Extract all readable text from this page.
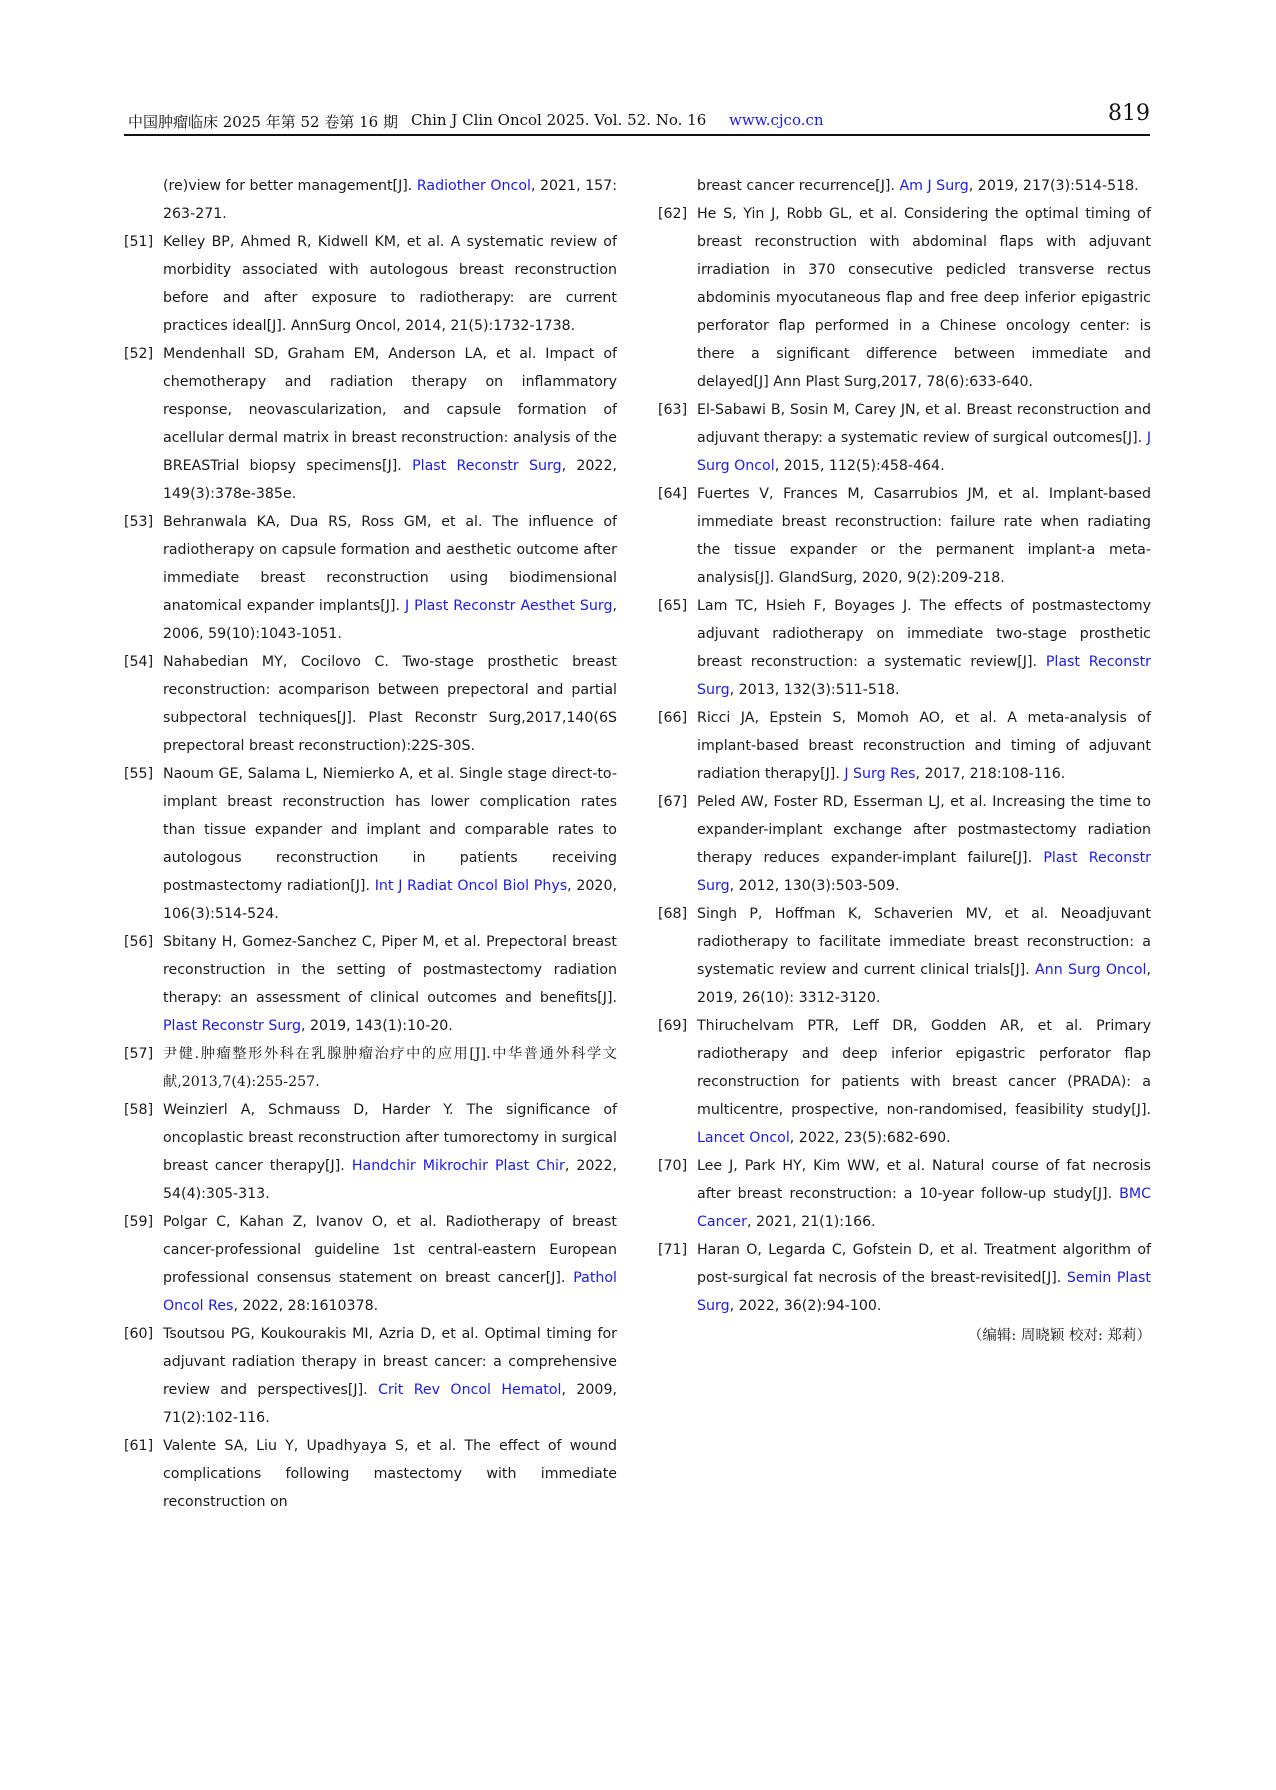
中国肿瘤临床 2025 年第 52 卷第 16 期 Chin J Clin Oncol 2025. Vol. 52. No. 16 www.cjco.cn	819
(re)view for better management[J]. Radiother Oncol, 2021, 157: 263-271.
[51] Kelley BP, Ahmed R, Kidwell KM, et al. A systematic review of morbidity associated with autologous breast reconstruction before and after exposure to radiotherapy: are current practices ideal[J]. AnnSurg Oncol, 2014, 21(5):1732-1738.
[52] Mendenhall SD, Graham EM, Anderson LA, et al. Impact of chemotherapy and radiation therapy on inflammatory response, neovascularization, and capsule formation of acellular dermal matrix in breast reconstruction: analysis of the BREASTrial biopsy specimens[J]. Plast Reconstr Surg, 2022, 149(3):378e-385e.
[53] Behranwala KA, Dua RS, Ross GM, et al. The influence of radiotherapy on capsule formation and aesthetic outcome after immediate breast reconstruction using biodimensional anatomical expander implants[J]. J Plast Reconstr Aesthet Surg, 2006, 59(10):1043-1051.
[54] Nahabedian MY, Cocilovo C. Two-stage prosthetic breast reconstruction: acomparison between prepectoral and partial subpectoral techniques[J]. Plast Reconstr Surg,2017,140(6S prepectoral breast reconstruction):22S-30S.
[55] Naoum GE, Salama L, Niemierko A, et al. Single stage direct-to-implant breast reconstruction has lower complication rates than tissue expander and implant and comparable rates to autologous reconstruction in patients receiving postmastectomy radiation[J]. Int J Radiat Oncol Biol Phys, 2020, 106(3):514-524.
[56] Sbitany H, Gomez-Sanchez C, Piper M, et al. Prepectoral breast reconstruction in the setting of postmastectomy radiation therapy: an assessment of clinical outcomes and benefits[J]. Plast Reconstr Surg, 2019, 143(1):10-20.
[57] 尹健.肿瘤整形外科在乳腺肿瘤治疗中的应用[J].中华普通外科学文献,2013,7(4):255-257.
[58] Weinzierl A, Schmauss D, Harder Y. The significance of oncoplastic breast reconstruction after tumorectomy in surgical breast cancer therapy[J]. Handchir Mikrochir Plast Chir, 2022, 54(4):305-313.
[59] Polgar C, Kahan Z, Ivanov O, et al. Radiotherapy of breast cancer-professional guideline 1st central-eastern European professional consensus statement on breast cancer[J]. Pathol Oncol Res, 2022, 28:1610378.
[60] Tsoutsou PG, Koukourakis MI, Azria D, et al. Optimal timing for adjuvant radiation therapy in breast cancer: a comprehensive review and perspectives[J]. Crit Rev Oncol Hematol, 2009, 71(2):102-116.
[61] Valente SA, Liu Y, Upadhyaya S, et al. The effect of wound complications following mastectomy with immediate reconstruction on
breast cancer recurrence[J]. Am J Surg, 2019, 217(3):514-518.
[62] He S, Yin J, Robb GL, et al. Considering the optimal timing of breast reconstruction with abdominal flaps with adjuvant irradiation in 370 consecutive pedicled transverse rectus abdominis myocutaneous flap and free deep inferior epigastric perforator flap performed in a Chinese oncology center: is there a significant difference between immediate and delayed[J] Ann Plast Surg,2017, 78(6):633-640.
[63] El-Sabawi B, Sosin M, Carey JN, et al. Breast reconstruction and adjuvant therapy: a systematic review of surgical outcomes[J]. J Surg Oncol, 2015, 112(5):458-464.
[64] Fuertes V, Frances M, Casarrubios JM, et al. Implant-based immediate breast reconstruction: failure rate when radiating the tissue expander or the permanent implant-a meta-analysis[J]. GlandSurg, 2020, 9(2):209-218.
[65] Lam TC, Hsieh F, Boyages J. The effects of postmastectomy adjuvant radiotherapy on immediate two-stage prosthetic breast reconstruction: a systematic review[J]. Plast Reconstr Surg, 2013, 132(3):511-518.
[66] Ricci JA, Epstein S, Momoh AO, et al. A meta-analysis of implant-based breast reconstruction and timing of adjuvant radiation therapy[J]. J Surg Res, 2017, 218:108-116.
[67] Peled AW, Foster RD, Esserman LJ, et al. Increasing the time to expander-implant exchange after postmastectomy radiation therapy reduces expander-implant failure[J]. Plast Reconstr Surg, 2012, 130(3):503-509.
[68] Singh P, Hoffman K, Schaverien MV, et al. Neoadjuvant radiotherapy to facilitate immediate breast reconstruction: a systematic review and current clinical trials[J]. Ann Surg Oncol, 2019, 26(10): 3312-3120.
[69] Thiruchelvam PTR, Leff DR, Godden AR, et al. Primary radiotherapy and deep inferior epigastric perforator flap reconstruction for patients with breast cancer (PRADA): a multicentre, prospective, non-randomised, feasibility study[J]. Lancet Oncol, 2022, 23(5):682-690.
[70] Lee J, Park HY, Kim WW, et al. Natural course of fat necrosis after breast reconstruction: a 10-year follow-up study[J]. BMC Cancer, 2021, 21(1):166.
[71] Haran O, Legarda C, Gofstein D, et al. Treatment algorithm of post-surgical fat necrosis of the breast-revisited[J]. Semin Plast Surg, 2022, 36(2):94-100.
（编辑: 周晓颖 校对: 郑莉）
